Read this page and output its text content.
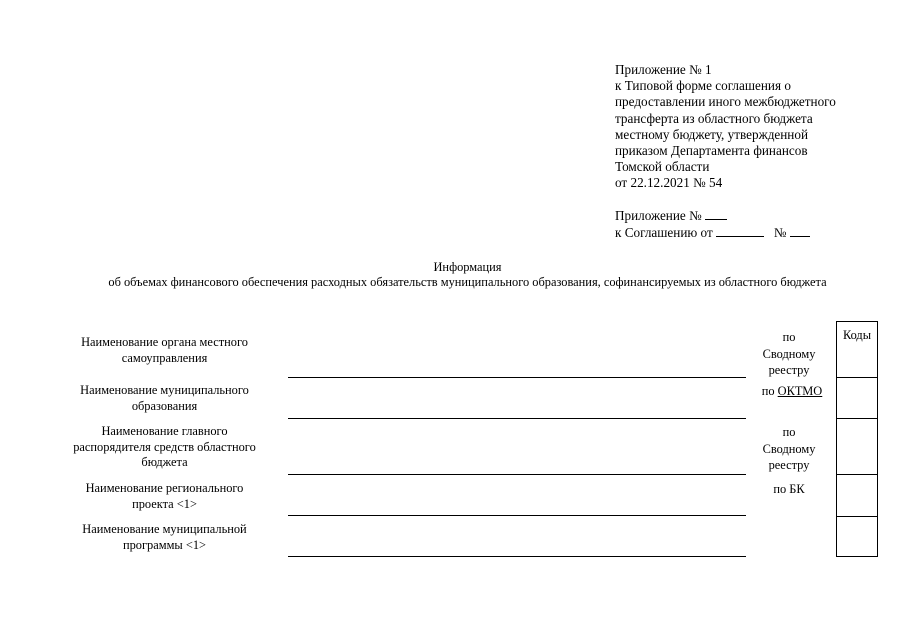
Приложение № 1
к Типовой форме соглашения о
предоставлении иного межбюджетного
трансферта из областного бюджета
местному бюджету, утвержденной
приказом Департамента финансов
Томской области
от 22.12.2021 № 54
Приложение №
к Соглашению от	№
Информация
об объемах финансового обеспечения расходных обязательств муниципального образования, софинансируемых из областного бюджета
Наименование органа местного
самоуправления
по
Сводному
реестру
Наименование муниципального
образования
по ОКТМО
Наименование главного
распорядителя средств областного
бюджета
по
Сводному
реестру
Наименование регионального
проекта <1>
по БК
Наименование муниципальной
программы <1>
Коды
